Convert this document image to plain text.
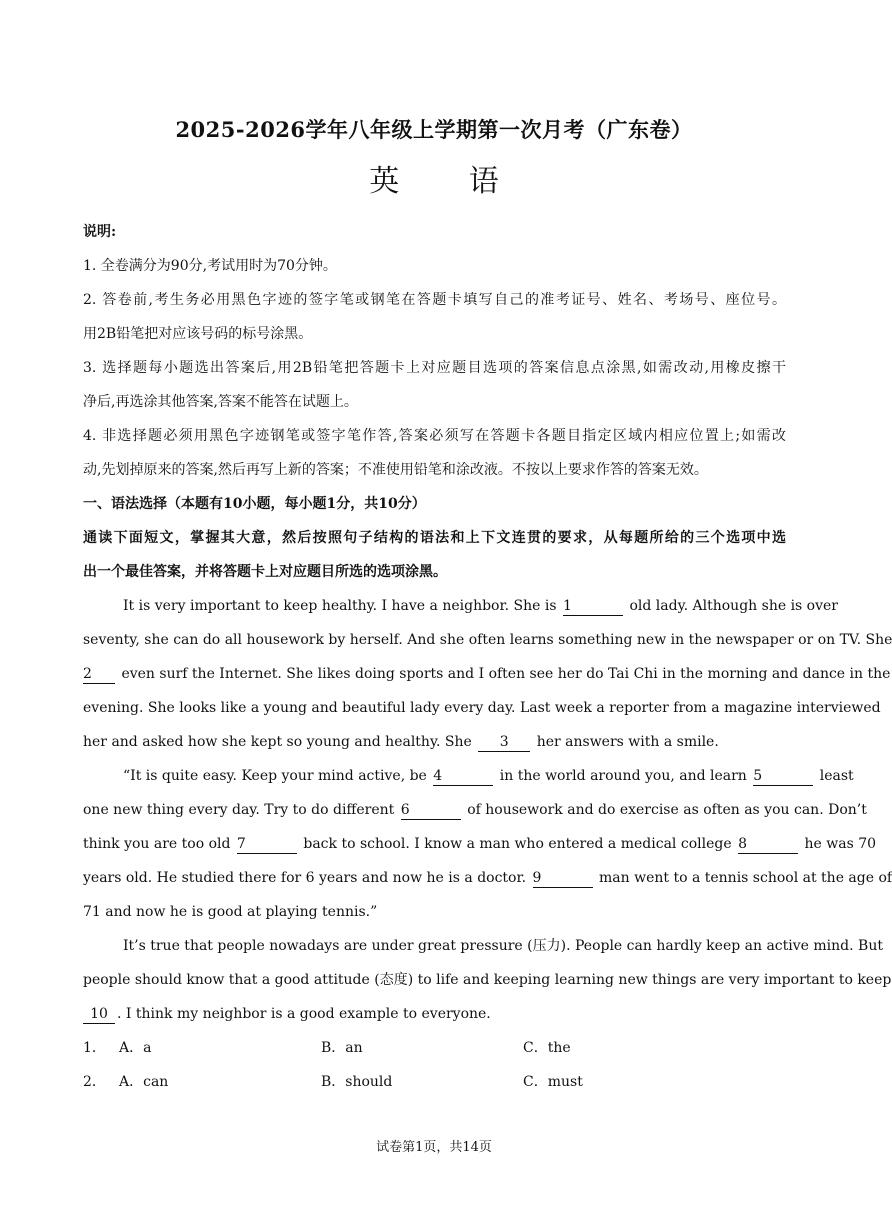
2025-2026学年八年级上学期第一次月考（广东卷）
英 语
说明:
1. 全卷满分为90分,考试用时为70分钟。
2. 答卷前,考生务必用黑色字迹的签字笔或钢笔在答题卡填写自己的准考证号、姓名、考场号、座位号。
用2B铅笔把对应该号码的标号涂黑。
3. 选择题每小题选出答案后,用2B铅笔把答题卡上对应题目选项的答案信息点涂黑,如需改动,用橡皮擦干
净后,再选涂其他答案,答案不能答在试题上。
4. 非选择题必须用黑色字迹钢笔或签字笔作答,答案必须写在答题卡各题目指定区域内相应位置上;如需改
动,先划掉原来的答案,然后再写上新的答案；不准使用铅笔和涂改液。不按以上要求作答的答案无效。
一、语法选择（本题有10小题，每小题1分，共10分）
通读下面短文，掌握其大意，然后按照句子结构的语法和上下文连贯的要求，从每题所给的三个选项中选
出一个最佳答案，并将答题卡上对应题目所选的选项涂黑。
It is very important to keep healthy. I have a neighbor. She is 1	old lady. Although she is over
seventy, she can do all housework by herself. And she often learns something new in the newspaper or on TV. She
2 even surf the Internet. She likes doing sports and I often see her do Tai Chi in the morning and dance in the
evening. She looks like a young and beautiful lady every day. Last week a reporter from a magazine interviewed
her and asked how she kept so young and healthy. She 3 her answers with a smile.
“It is quite easy. Keep your mind active, be 4	in the world around you, and learn 5	least
one new thing every day. Try to do different 6	of housework and do exercise as often as you can. Don’t
think you are too old 7	back to school. I know a man who entered a medical college 8	he was 70
years old. He studied there for 6 years and now he is a doctor. 9	man went to a tennis school at the age of
71 and now he is good at playing tennis.”
It’s true that people nowadays are under great pressure (压力). People can hardly keep an active mind. But
people should know that a good attitude (态度) to life and keeping learning new things are very important to keep
10 . I think my neighbor is a good example to everyone.
1． A．a	B．an	C．the
2． A．can	B．should	C．must
试卷第1页，共14页
